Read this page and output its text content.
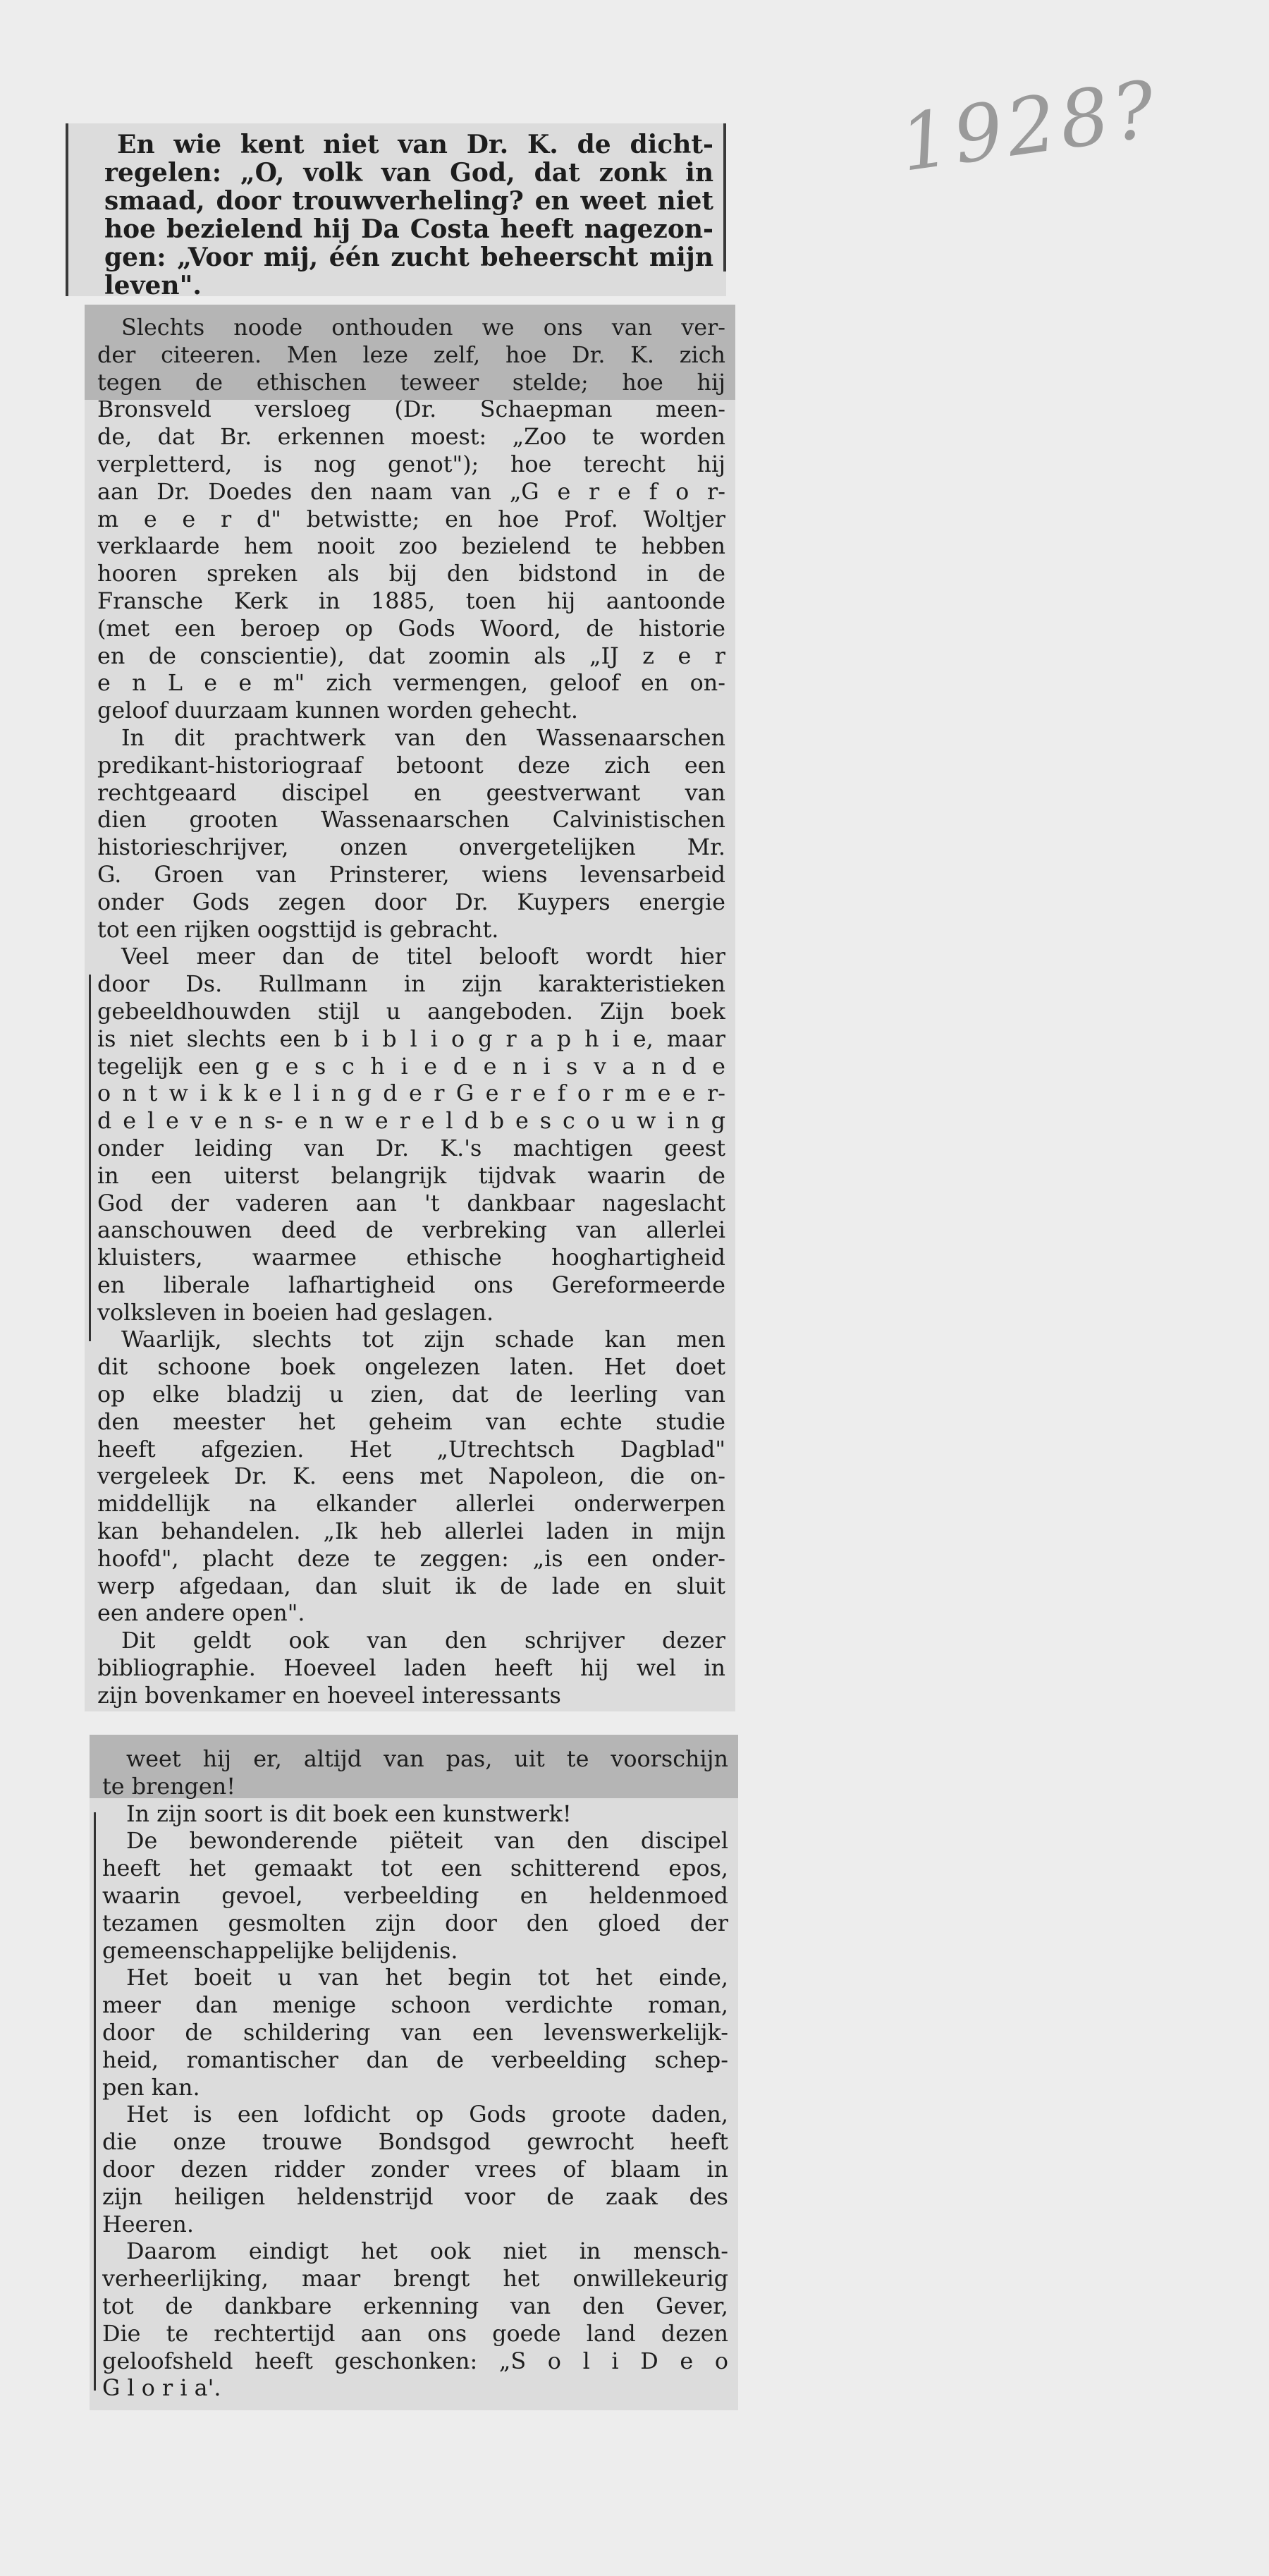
1928?

En wie kent niet van Dr. K. de dicht-

regelen: „O, volk van God, dat zonk in

smaad, door trouwverheling? en weet niet

hoe bezielend hij Da Costa heeft nagezon-

gen: „Voor mij, één zucht beheerscht mijn

leven".

Slechts noode onthouden we ons van ver-

der citeeren. Men leze zelf, hoe Dr. K. zich

tegen de ethischen teweer stelde; hoe hij

Bronsveld versloeg (Dr. Schaepman meen-

de, dat Br. erkennen moest: „Zoo te worden

verpletterd, is nog genot"); hoe terecht hij

aan Dr. Doedes den naam van „G e r e f o r-

m e e r d" betwistte; en hoe Prof. Woltjer

verklaarde hem nooit zoo bezielend te hebben

hooren spreken als bij den bidstond in de

Fransche Kerk in 1885, toen hij aantoonde

(met een beroep op Gods Woord, de historie

en de conscientie), dat zoomin als „IJ z e r

e n L e e m" zich vermengen, geloof en on-

geloof duurzaam kunnen worden gehecht.

In dit prachtwerk van den Wassenaarschen

predikant-historiograaf betoont deze zich een

rechtgeaard discipel en geestverwant van

dien grooten Wassenaarschen Calvinistischen

historieschrijver, onzen onvergetelijken Mr.

G. Groen van Prinsterer, wiens levensarbeid

onder Gods zegen door Dr. Kuypers energie

tot een rijken oogsttijd is gebracht.

Veel meer dan de titel belooft wordt hier

door Ds. Rullmann in zijn karakteristieken

gebeeldhouwden stijl u aangeboden. Zijn boek

is niet slechts een b i b l i o g r a p h i e, maar

tegelijk een g e s c h i e d e n i s v a n d e

o n t w i k k e l i n g d e r G e r e f o r m e e r-

d e l e v e n s- e n w e r e l d b e s c o u w i n g

onder leiding van Dr. K.'s machtigen geest

in een uiterst belangrijk tijdvak waarin de

God der vaderen aan 't dankbaar nageslacht

aanschouwen deed de verbreking van allerlei

kluisters, waarmee ethische hooghartigheid

en liberale lafhartigheid ons Gereformeerde

volksleven in boeien had geslagen.

Waarlijk, slechts tot zijn schade kan men

dit schoone boek ongelezen laten. Het doet

op elke bladzij u zien, dat de leerling van

den meester het geheim van echte studie

heeft afgezien. Het „Utrechtsch Dagblad"

vergeleek Dr. K. eens met Napoleon, die on-

middellijk na elkander allerlei onderwerpen

kan behandelen. „Ik heb allerlei laden in mijn

hoofd", placht deze te zeggen: „is een onder-

werp afgedaan, dan sluit ik de lade en sluit

een andere open".

Dit geldt ook van den schrijver dezer

bibliographie. Hoeveel laden heeft hij wel in

zijn bovenkamer en hoeveel interessants

weet hij er, altijd van pas, uit te voorschijn

te brengen!

In zijn soort is dit boek een kunstwerk!

De bewonderende piëteit van den discipel

heeft het gemaakt tot een schitterend epos,

waarin gevoel, verbeelding en heldenmoed

tezamen gesmolten zijn door den gloed der

gemeenschappelijke belijdenis.

Het boeit u van het begin tot het einde,

meer dan menige schoon verdichte roman,

door de schildering van een levenswerkelijk-

heid, romantischer dan de verbeelding schep-

pen kan.

Het is een lofdicht op Gods groote daden,

die onze trouwe Bondsgod gewrocht heeft

door dezen ridder zonder vrees of blaam in

zijn heiligen heldenstrijd voor de zaak des

Heeren.

Daarom eindigt het ook niet in mensch-

verheerlijking, maar brengt het onwillekeurig

tot de dankbare erkenning van den Gever,

Die te rechtertijd aan ons goede land dezen

geloofsheld heeft geschonken: „S o l i D e o

G l o r i a'.
